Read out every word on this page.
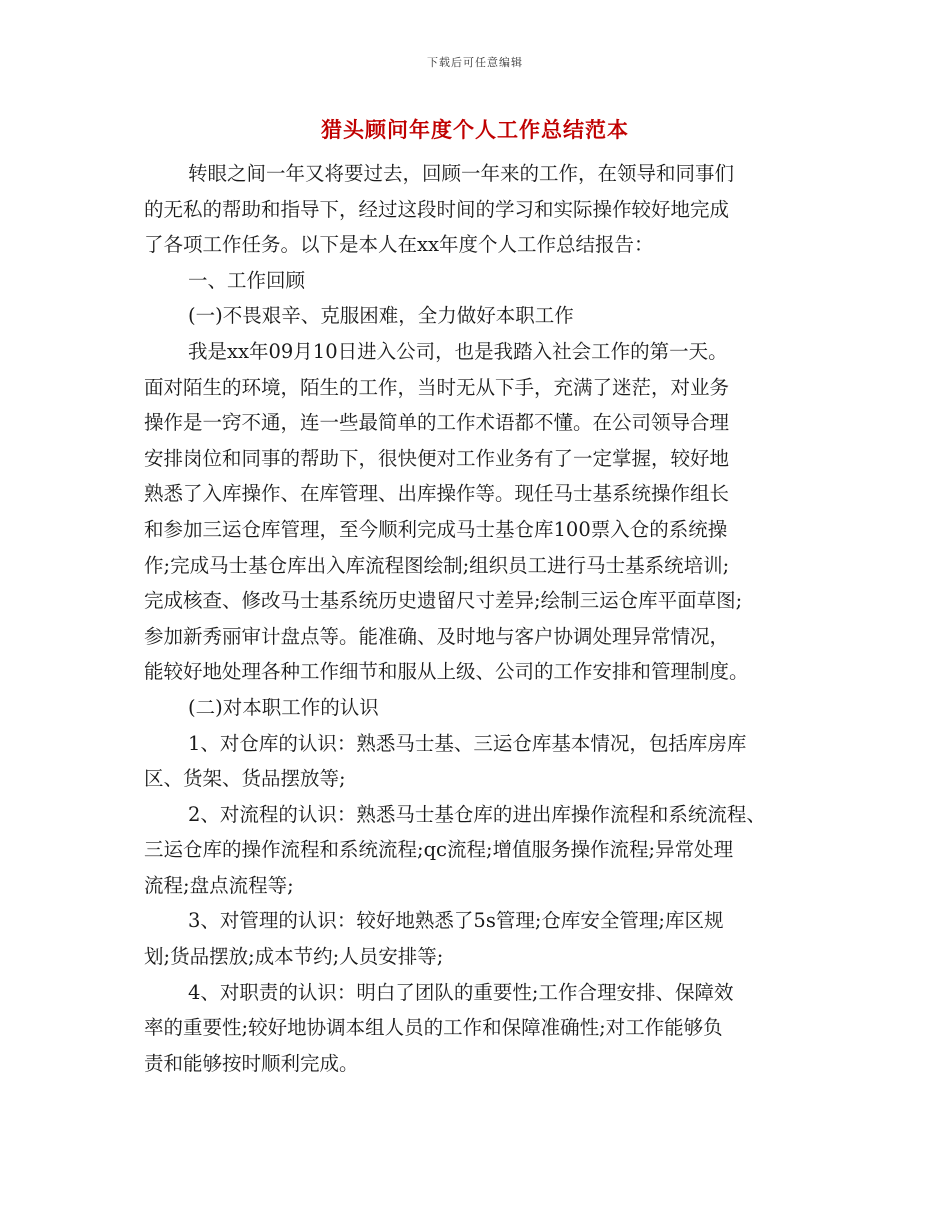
下载后可任意编辑
猎头顾问年度个人工作总结范本
转眼之间一年又将要过去，回顾一年来的工作，在领导和同事们
的无私的帮助和指导下，经过这段时间的学习和实际操作较好地完成
了各项工作任务。以下是本人在xx年度个人工作总结报告：
一、工作回顾
(一)不畏艰辛、克服困难，全力做好本职工作
我是xx年09月10日进入公司，也是我踏入社会工作的第一天。
面对陌生的环境，陌生的工作，当时无从下手，充满了迷茫，对业务
操作是一窍不通，连一些最简单的工作术语都不懂。在公司领导合理
安排岗位和同事的帮助下，很快便对工作业务有了一定掌握，较好地
熟悉了入库操作、在库管理、出库操作等。现任马士基系统操作组长
和参加三运仓库管理，至今顺利完成马士基仓库100票入仓的系统操
作;完成马士基仓库出入库流程图绘制;组织员工进行马士基系统培训;
完成核查、修改马士基系统历史遗留尺寸差异;绘制三运仓库平面草图;
参加新秀丽审计盘点等。能准确、及时地与客户协调处理异常情况，
能较好地处理各种工作细节和服从上级、公司的工作安排和管理制度。
(二)对本职工作的认识
1、对仓库的认识：熟悉马士基、三运仓库基本情况，包括库房库
区、货架、货品摆放等;
2、对流程的认识：熟悉马士基仓库的进出库操作流程和系统流程、
三运仓库的操作流程和系统流程;qc流程;增值服务操作流程;异常处理
流程;盘点流程等;
3、对管理的认识：较好地熟悉了5s管理;仓库安全管理;库区规
划;货品摆放;成本节约;人员安排等;
4、对职责的认识：明白了团队的重要性;工作合理安排、保障效
率的重要性;较好地协调本组人员的工作和保障准确性;对工作能够负
责和能够按时顺利完成。
